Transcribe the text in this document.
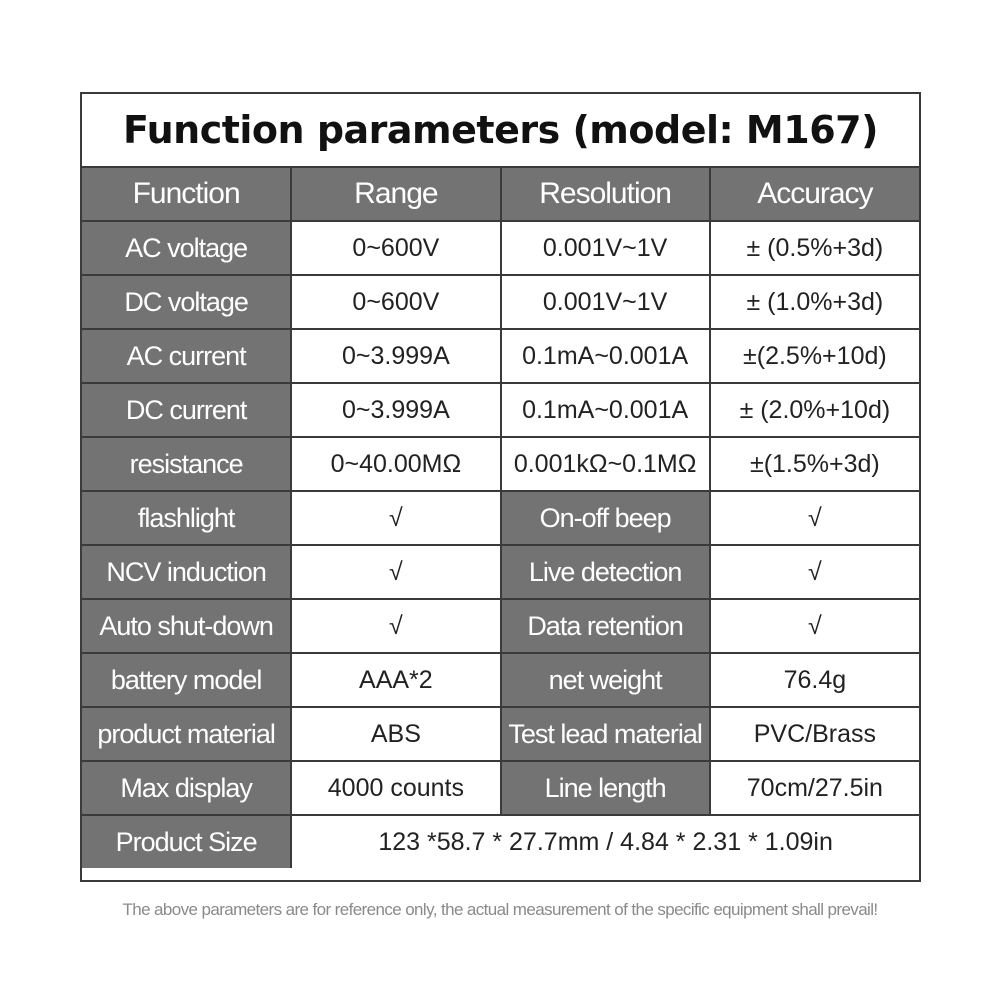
Function parameters (model: M167)
Function	Range	Resolution	Accuracy
AC voltage	0~600V	0.001V~1V	± (0.5%+3d)
DC voltage	0~600V	0.001V~1V	± (1.0%+3d)
AC current	0~3.999A	0.1mA~0.001A	±(2.5%+10d)
DC current	0~3.999A	0.1mA~0.001A	± (2.0%+10d)
resistance	0~40.00MΩ	0.001kΩ~0.1MΩ	±(1.5%+3d)
flashlight	√	On-off beep	√
NCV induction	√	Live detection	√
Auto shut-down	√	Data retention	√
battery model	AAA*2	net weight	76.4g
product material	ABS	Test lead material	PVC/Brass
Max display	4000 counts	Line length	70cm/27.5in
Product Size	123 *58.7 * 27.7mm / 4.84 * 2.31 * 1.09in		
The above parameters are for reference only, the actual measurement of the specific equipment shall prevail!
